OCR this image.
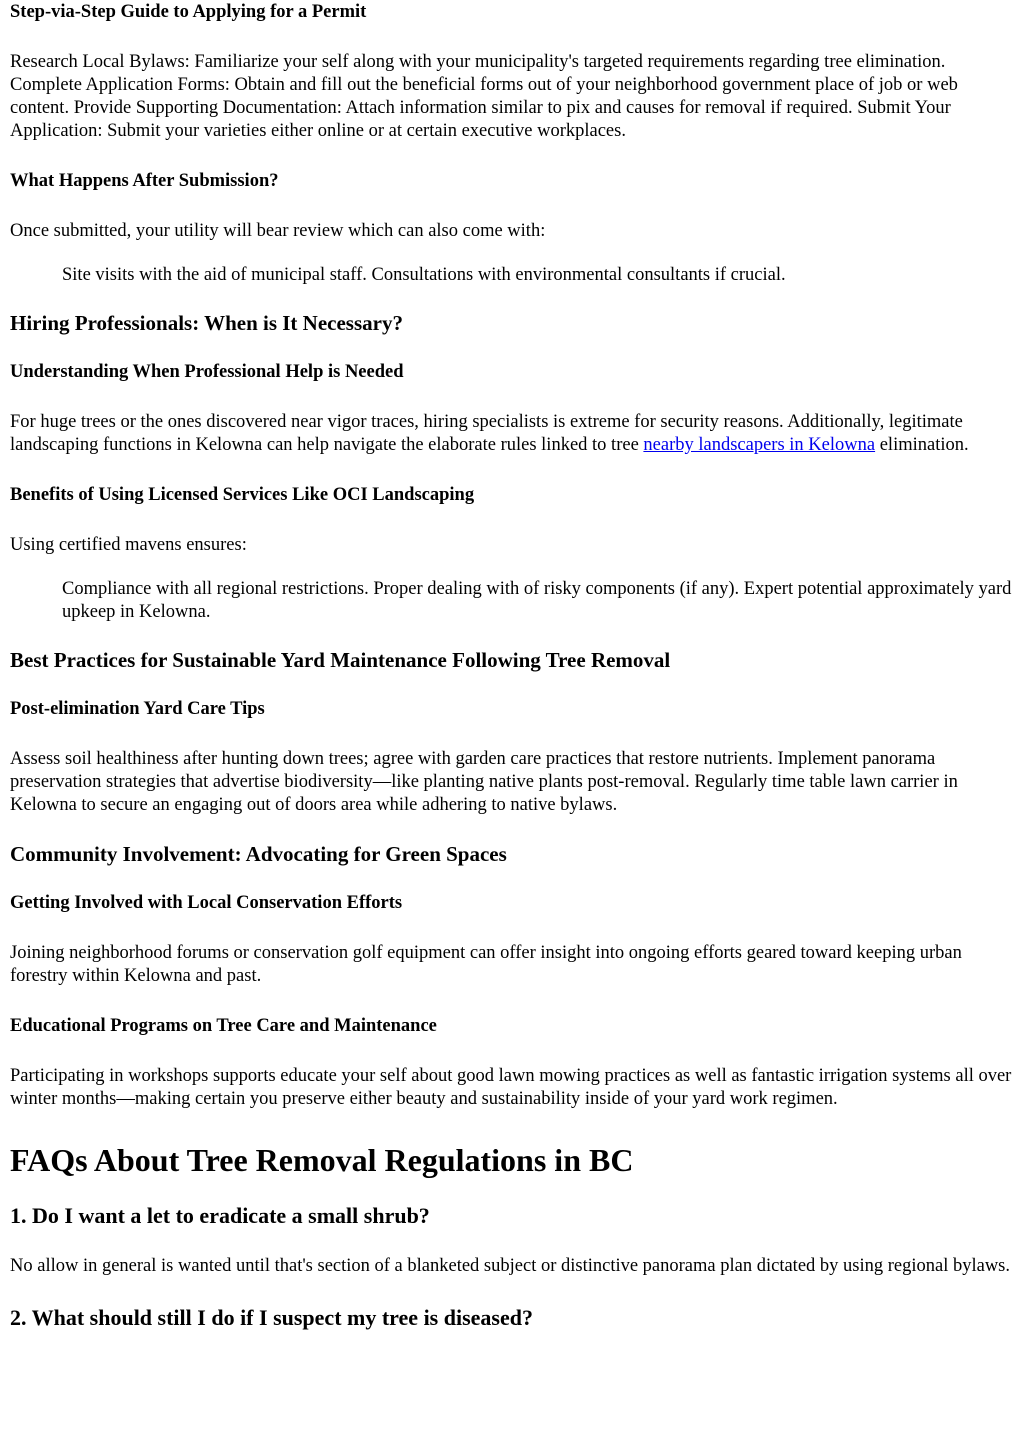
Step-via-Step Guide to Applying for a Permit

Research Local Bylaws: Familiarize your self along with your municipality's targeted requirements regarding tree elimination. Complete Application Forms: Obtain and fill out the beneficial forms out of your neighborhood government place of job or web content. Provide Supporting Documentation: Attach information similar to pix and causes for removal if required. Submit Your Application: Submit your varieties either online or at certain executive workplaces.

What Happens After Submission?

Once submitted, your utility will bear review which can also come with:

Site visits with the aid of municipal staff. Consultations with environmental consultants if crucial.
Hiring Professionals: When is It Necessary?
Understanding When Professional Help is Needed

For huge trees or the ones discovered near vigor traces, hiring specialists is extreme for security reasons. Additionally, legitimate landscaping functions in Kelowna can help navigate the elaborate rules linked to tree nearby landscapers in Kelowna elimination.

Benefits of Using Licensed Services Like OCI Landscaping

Using certified mavens ensures:

Compliance with all regional restrictions. Proper dealing with of risky components (if any). Expert potential approximately yard upkeep in Kelowna.
Best Practices for Sustainable Yard Maintenance Following Tree Removal
Post-elimination Yard Care Tips

Assess soil healthiness after hunting down trees; agree with garden care practices that restore nutrients. Implement panorama preservation strategies that advertise biodiversity—like planting native plants post-removal. Regularly time table lawn carrier in Kelowna to secure an engaging out of doors area while adhering to native bylaws.

Community Involvement: Advocating for Green Spaces
Getting Involved with Local Conservation Efforts

Joining neighborhood forums or conservation golf equipment can offer insight into ongoing efforts geared toward keeping urban forestry within Kelowna and past.

Educational Programs on Tree Care and Maintenance

Participating in workshops supports educate your self about good lawn mowing practices as well as fantastic irrigation systems all over winter months—making certain you preserve either beauty and sustainability inside of your yard work regimen.

FAQs About Tree Removal Regulations in BC
1. Do I want a let to eradicate a small shrub?

No allow in general is wanted until that's section of a blanketed subject or distinctive panorama plan dictated by using regional bylaws.

2. What should still I do if I suspect my tree is diseased?
